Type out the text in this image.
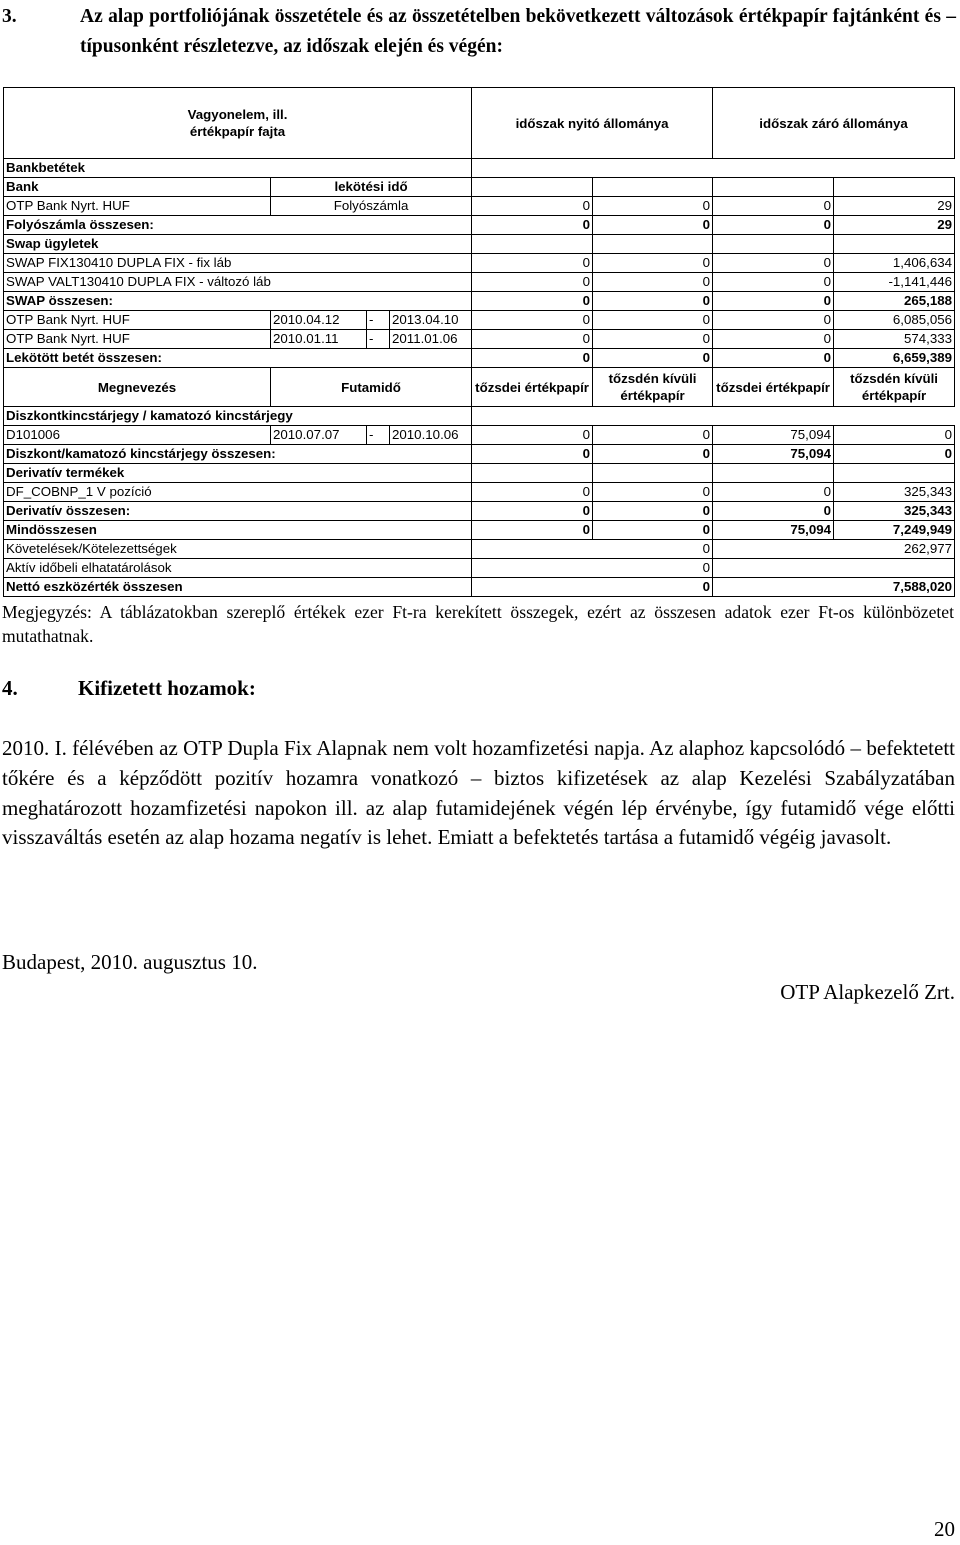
3.	Az alap portfoliójának összetétele és az összetételben bekövetkezett változások értékpapír fajtánként és –típusonként részletezve, az időszak elején és végén:
Vagyonelem, ill. értékpapír fajta				időszak nyitó állománya		időszak záró állománya	
Bankbetétek							
Bank	lekötési idő						
OTP Bank Nyrt. HUF	Folyószámla			0	0	0	29
Folyószámla összesen:				0	0	0	29
Swap ügyletek							
SWAP FIX130410 DUPLA FIX - fix láb				0	0	0	1,406,634
SWAP VALT130410 DUPLA FIX - változó láb				0	0	0	-1,141,446
SWAP összesen:				0	0	0	265,188
OTP Bank Nyrt. HUF	2010.04.12	-	2013.04.10	0	0	0	6,085,056
OTP Bank Nyrt. HUF	2010.01.11	-	2011.01.06	0	0	0	574,333
Lekötött betét összesen:				0	0	0	6,659,389
Megnevezés	Futamidő			tőzsdei értékpapír	tőzsdén kívüli értékpapír	tőzsdei értékpapír	tőzsdén kívüli értékpapír
Diszkontkincstárjegy / kamatozó kincstárjegy							
D101006	2010.07.07	-	2010.10.06	0	0	75,094	0
Diszkont/kamatozó kincstárjegy összesen:				0	0	75,094	0
Derivatív termékek							
DF_COBNP_1 V pozíció				0	0	0	325,343
Derivatív összesen:				0	0	0	325,343
Mindösszesen				0	0	75,094	7,249,949
Követelések/Kötelezettségek				0		262,977	
Aktív időbeli elhatatárolások				0			
Nettó eszközérték összesen				0		7,588,020	
Megjegyzés: A táblázatokban szereplő értékek ezer Ft-ra kerekített összegek, ezért az összesen adatok ezer Ft-os különbözetet mutathatnak.
4.	Kifizetett hozamok:
2010. I. félévében az OTP Dupla Fix Alapnak nem volt hozamfizetési napja. Az alaphoz kapcsolódó – befektetett tőkére és a képződött pozitív hozamra vonatkozó – biztos kifizetések az alap Kezelési Szabályzatában meghatározott hozamfizetési napokon ill. az alap futamidejének végén lép érvénybe, így futamidő vége előtti visszaváltás esetén az alap hozama negatív is lehet. Emiatt a befektetés tartása a futamidő végéig javasolt.
Budapest, 2010. augusztus 10.
OTP Alapkezelő Zrt.
20
